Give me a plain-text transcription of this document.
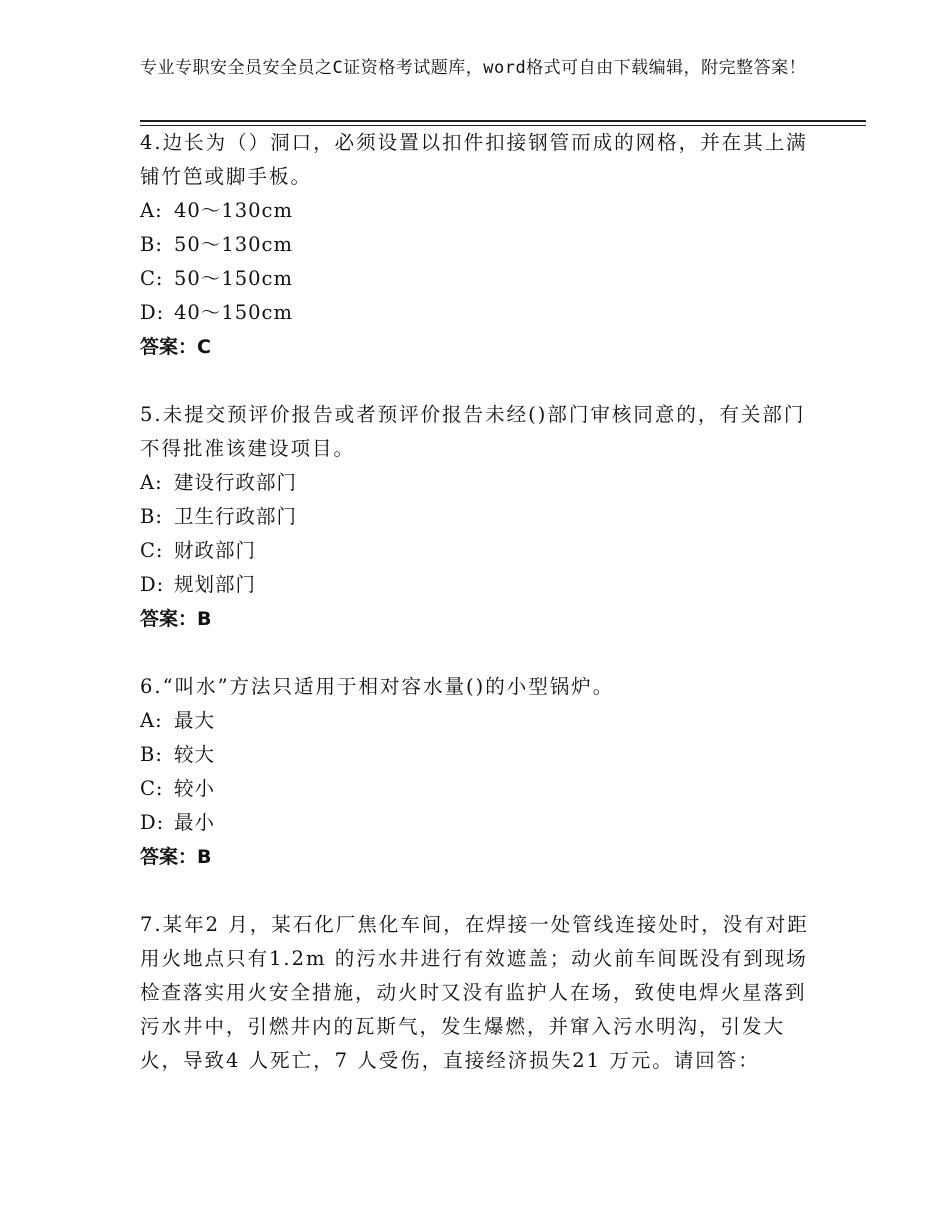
专业专职安全员安全员之C证资格考试题库，word格式可自由下载编辑，附完整答案！
4.边长为（）洞口，必须设置以扣件扣接钢管而成的网格，并在其上满铺竹笆或脚手板。
A: 40～130cm
B: 50～130cm
C: 50～150cm
D: 40～150cm
答案：C
5.未提交预评价报告或者预评价报告未经()部门审核同意的，有关部门不得批准该建设项目。
A: 建设行政部门
B: 卫生行政部门
C: 财政部门
D: 规划部门
答案：B
6.“叫水”方法只适用于相对容水量()的小型锅炉。
A: 最大
B: 较大
C: 较小
D: 最小
答案：B
7.某年2 月，某石化厂焦化车间，在焊接一处管线连接处时，没有对距用火地点只有1.2m 的污水井进行有效遮盖；动火前车间既没有到现场检查落实用火安全措施，动火时又没有监护人在场，致使电焊火星落到污水井中，引燃井内的瓦斯气，发生爆燃，并窜入污水明沟，引发大火，导致4 人死亡，7 人受伤，直接经济损失21 万元。请回答：
